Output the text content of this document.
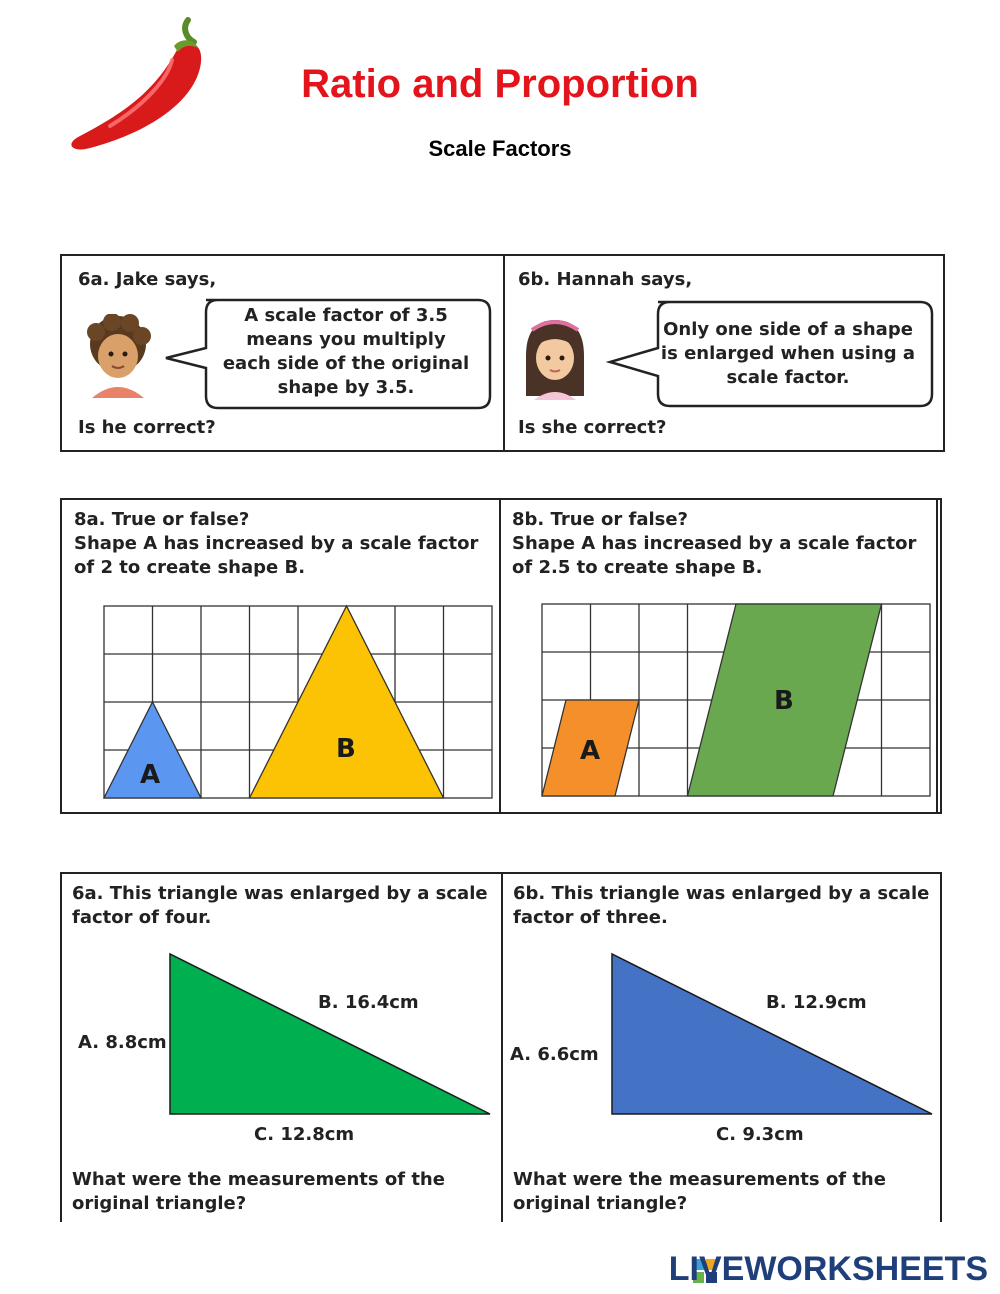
Ratio and Proportion
Scale Factors

6a. Jake says,

A scale factor of 3.5
means you multiply
each side of the original
shape by 3.5.

Is he correct?

6b. Hannah says,

Only one side of a shape
is enlarged when using a
scale factor.

Is she correct?

8a. True or false?
Shape A has increased by a scale factor
of 2 to create shape B.
A
B
8b. True or false?
Shape A has increased by a scale factor
of 2.5 to create shape B.
A
B
6a. This triangle was enlarged by a scale
factor of four.
A. 8.8cm
B. 16.4cm
C. 12.8cm
What were the measurements of the
original triangle?
6b. This triangle was enlarged by a scale
factor of three.
A. 6.6cm
B. 12.9cm
C. 9.3cm
What were the measurements of the
original triangle?
LIVEWORKSHEETS
